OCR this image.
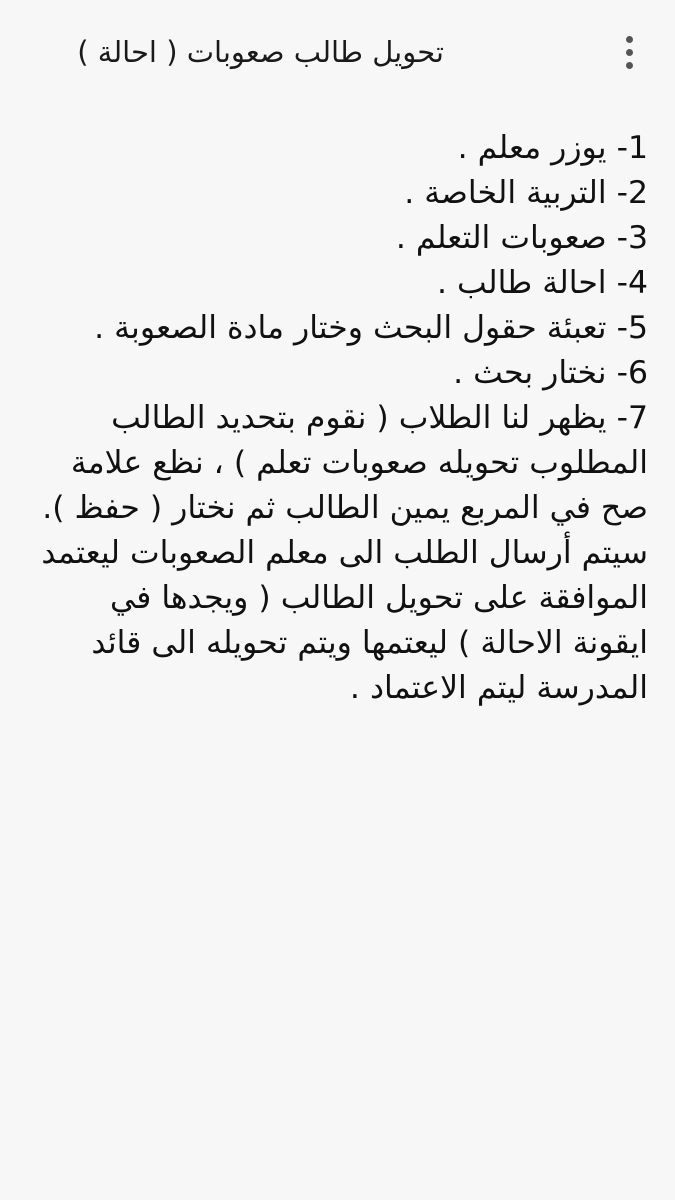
تحويل طالب صعوبات ( احالة )
1- يوزر معلم .
2- التربية الخاصة .
3- صعوبات التعلم .
4- احالة طالب .
5- تعبئة حقول البحث وختار مادة الصعوبة .
6- نختار بحث .
7- يظهر لنا الطلاب ( نقوم بتحديد الطالب
المطلوب تحويله صعوبات تعلم ) ، نظع علامة
صح في المربع يمين الطالب ثم نختار ( حفظ ).
سيتم أرسال الطلب الى معلم الصعوبات ليعتمد
الموافقة على تحويل الطالب ( ويجدها في
ايقونة الاحالة ) ليعتمها ويتم تحويله الى قائد
المدرسة ليتم الاعتماد .
